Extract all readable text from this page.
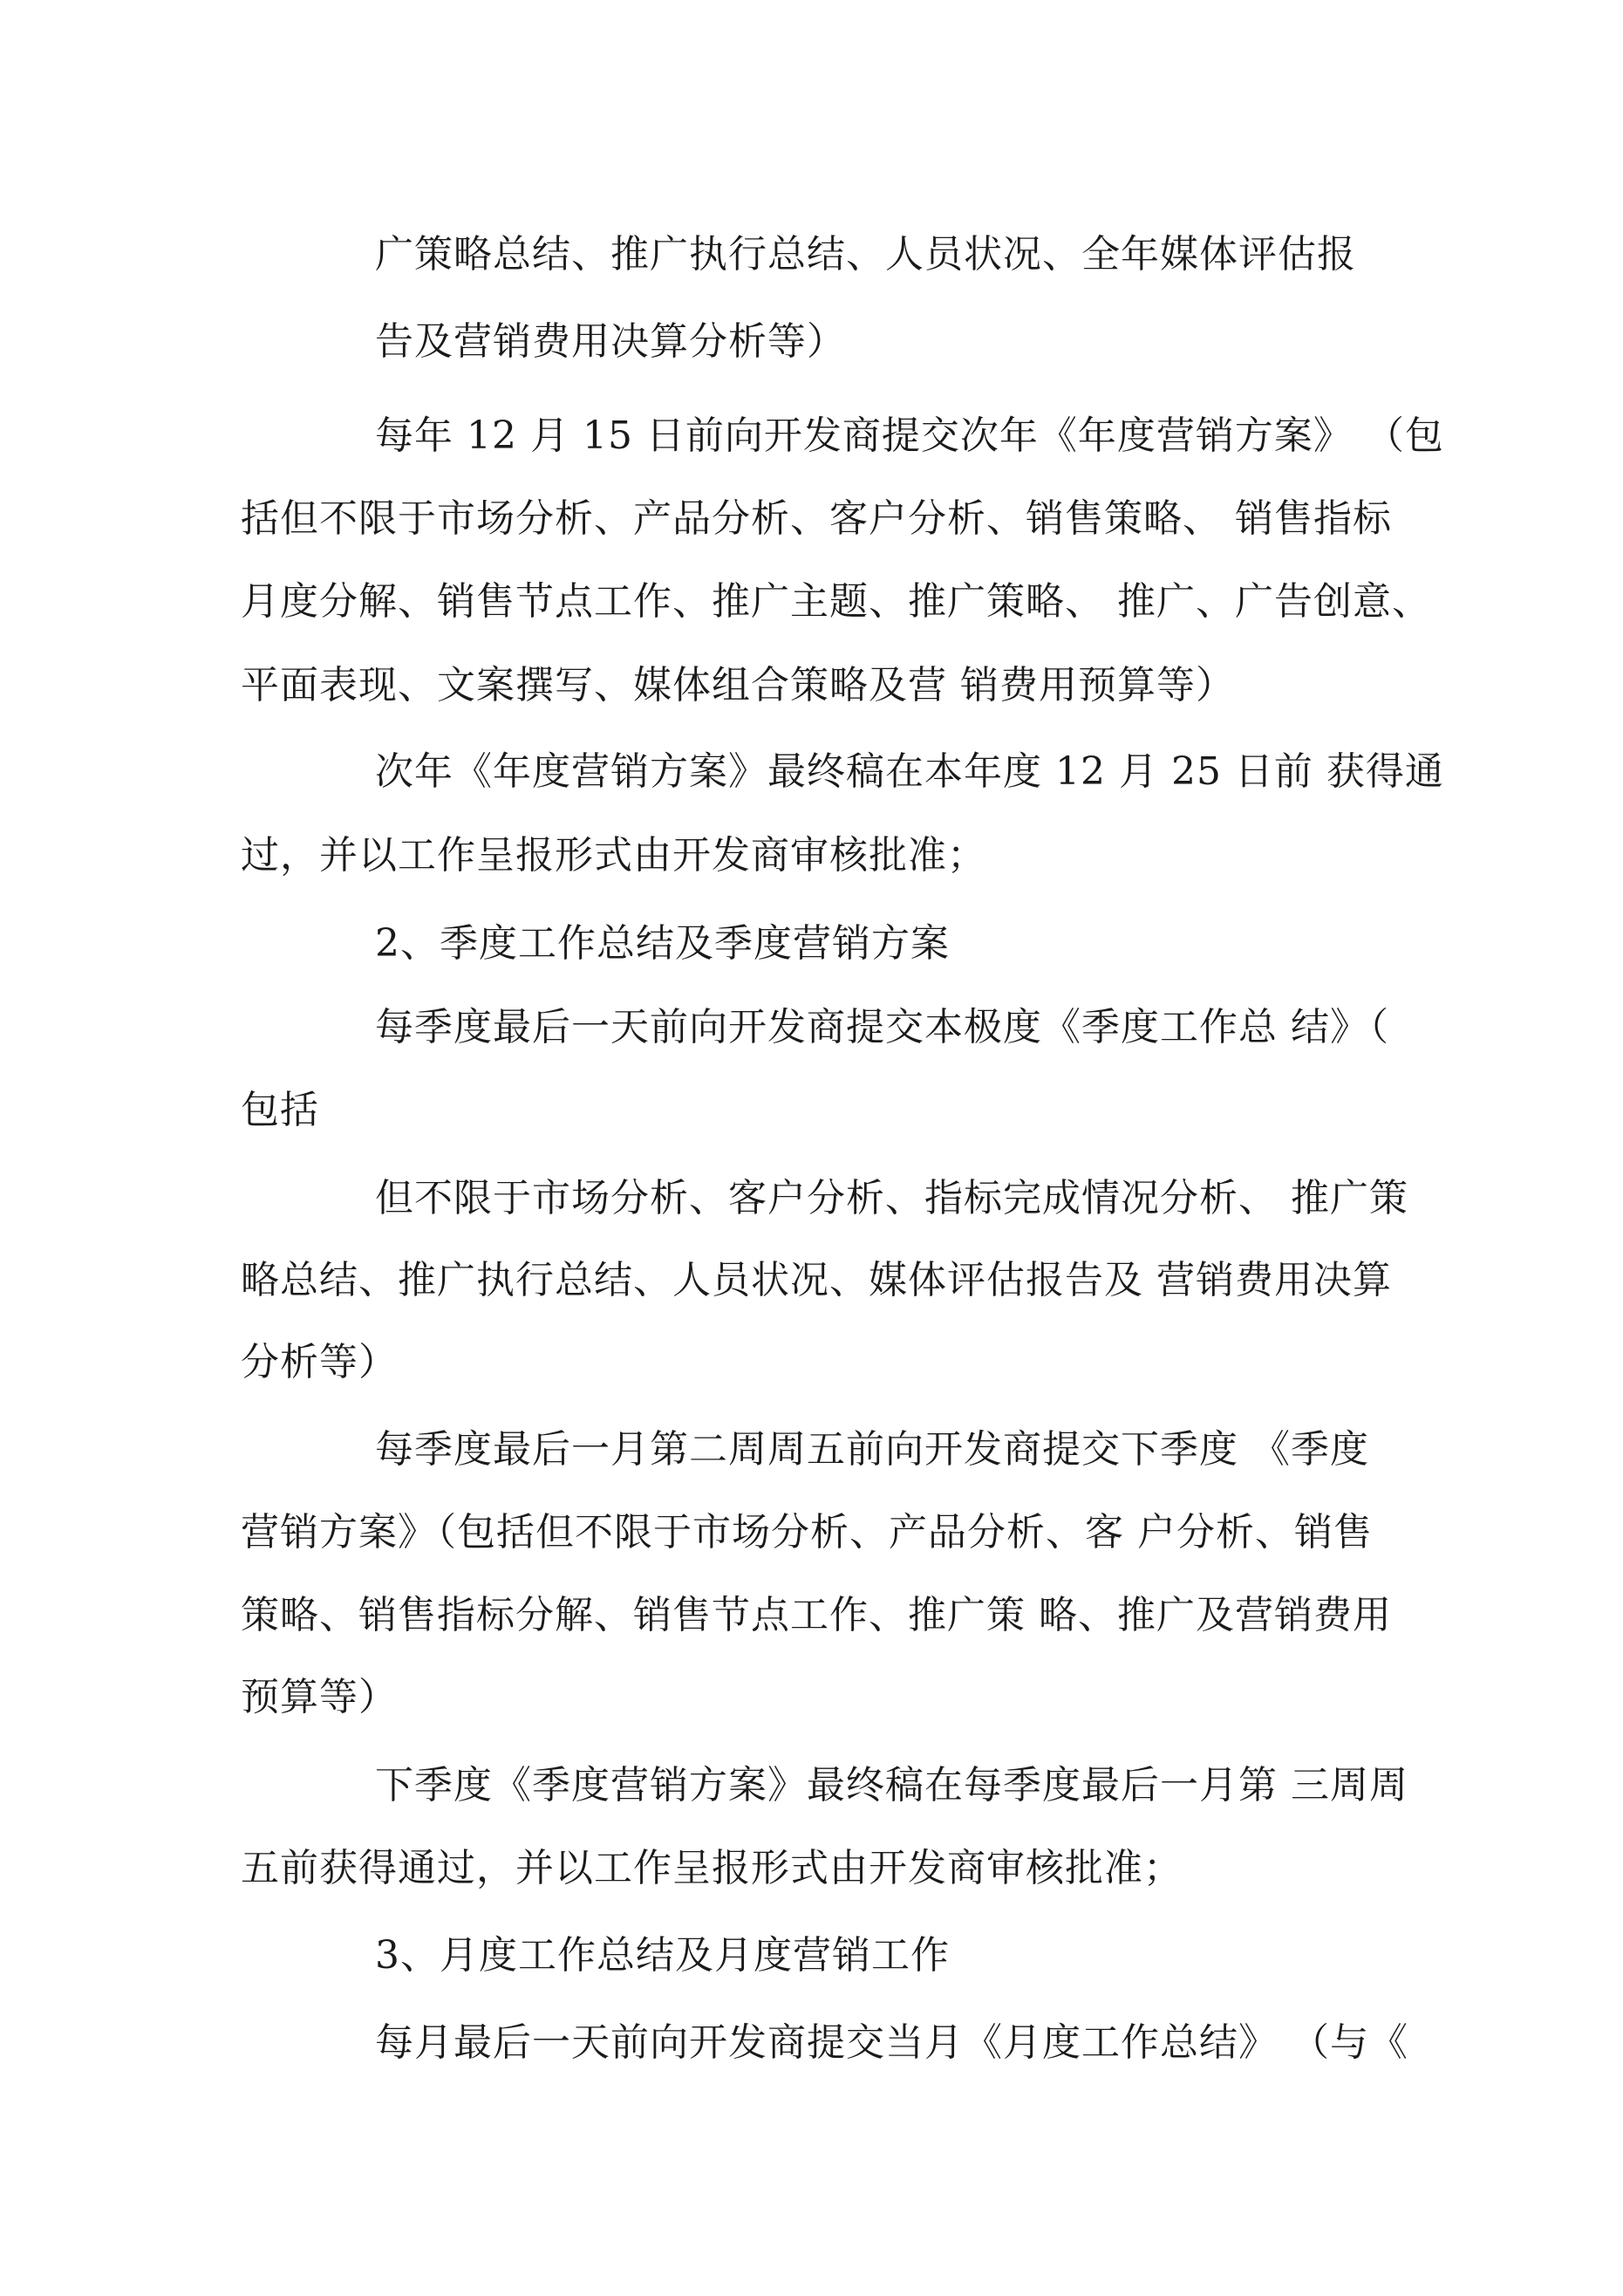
广策略总结、推广执行总结、人员状况、全年媒体评估报
告及营销费用决算分析等）
每年 12 月 15 日前向开发商提交次年《年度营销方案》 （包
括但不限于市场分析、产品分析、客户分析、销售策略、 销售指标
月度分解、销售节点工作、推广主题、推广策略、 推广、广告创意、
平面表现、文案撰写、媒体组合策略及营 销费用预算等）
次年《年度营销方案》最终稿在本年度 12 月 25 日前 获得通
过，并以工作呈报形式由开发商审核批准；
2、季度工作总结及季度营销方案
每季度最后一天前向开发商提交本极度《季度工作总 结》（
包括
但不限于市场分析、客户分析、指标完成情况分析、 推广策
略总结、推广执行总结、人员状况、媒体评估报告及 营销费用决算
分析等）
每季度最后一月第二周周五前向开发商提交下季度 《季度
营销方案》（包括但不限于市场分析、产品分析、客 户分析、销售
策略、销售指标分解、销售节点工作、推广策 略、推广及营销费用
预算等）
下季度《季度营销方案》最终稿在每季度最后一月第 三周周
五前获得通过，并以工作呈报形式由开发商审核批准；
3、月度工作总结及月度营销工作
每月最后一天前向开发商提交当月《月度工作总结》 （与《
